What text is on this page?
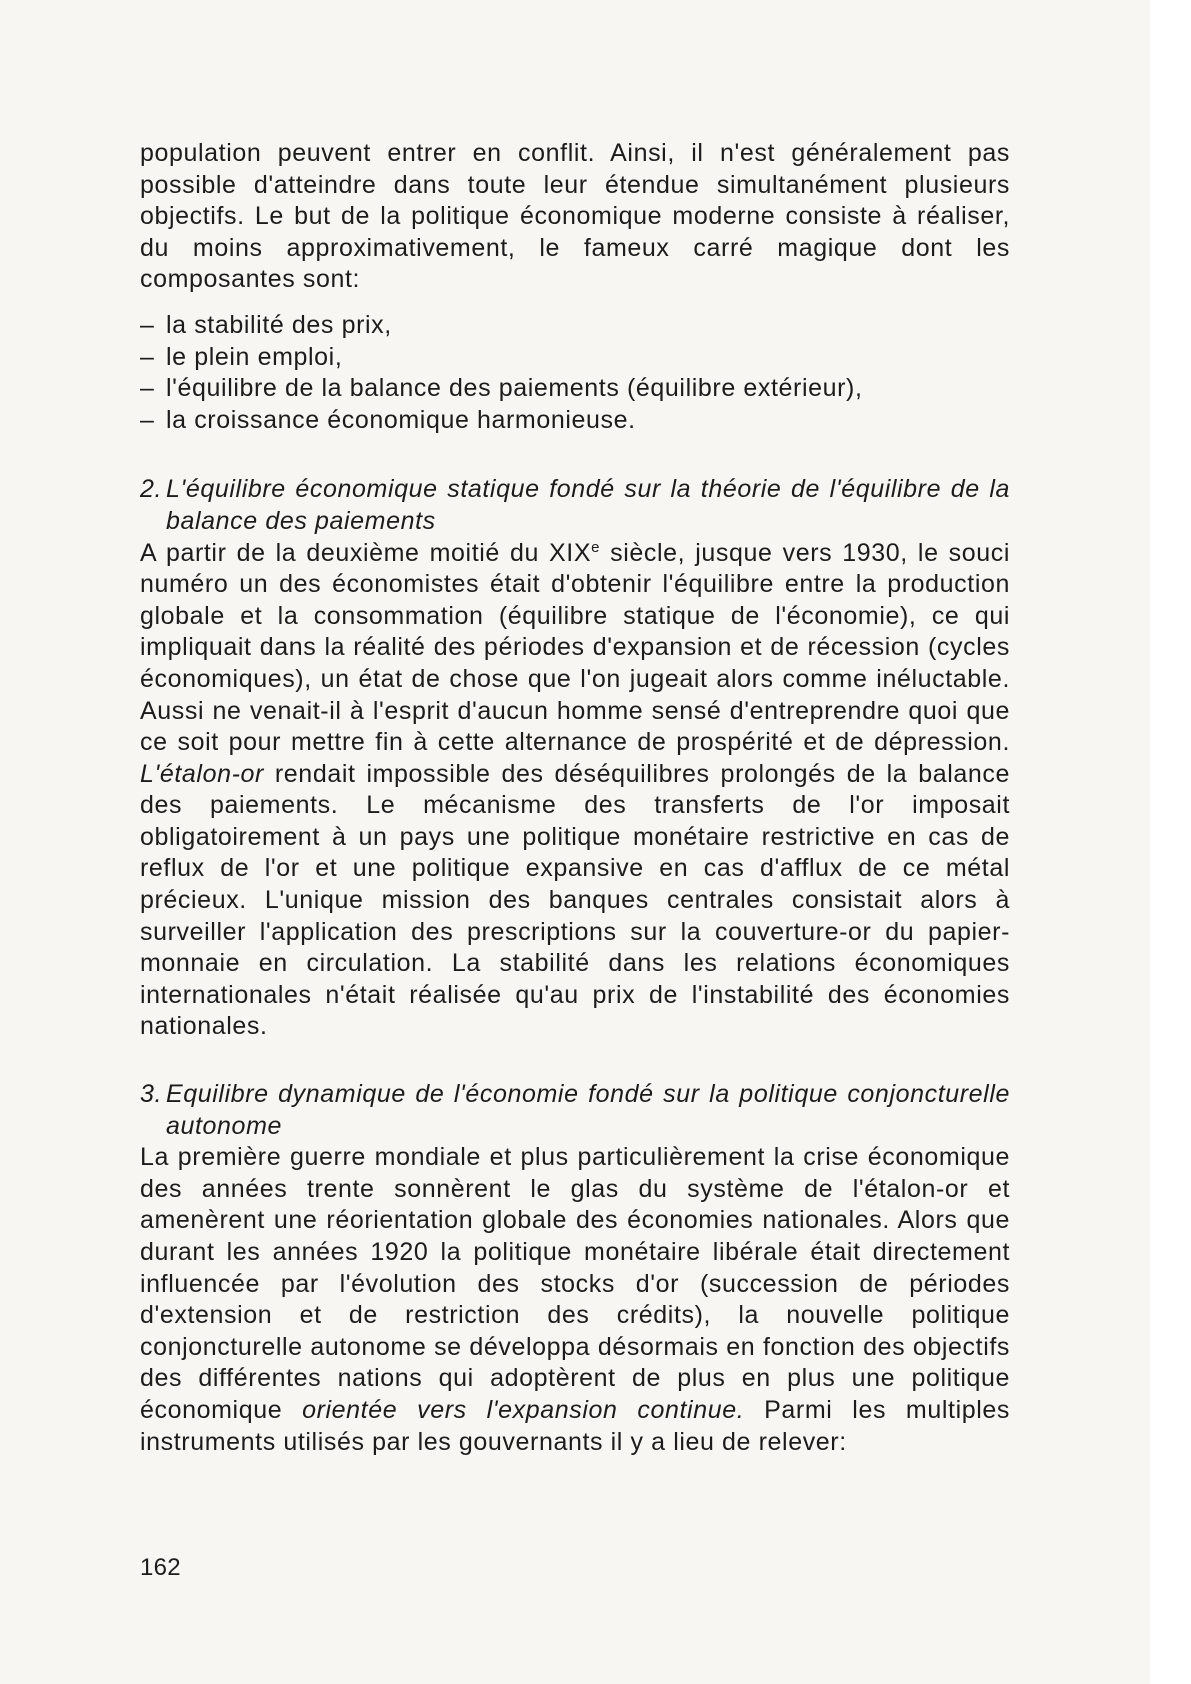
population peuvent entrer en conflit. Ainsi, il n'est généralement pas possible d'atteindre dans toute leur étendue simultanément plusieurs objectifs. Le but de la politique économique moderne consiste à réaliser, du moins approximativement, le fameux carré magique dont les composantes sont:

– la stabilité des prix,
– le plein emploi,
– l'équilibre de la balance des paiements (équilibre extérieur),
– la croissance économique harmonieuse.

2. L'équilibre économique statique fondé sur la théorie de l'équilibre de la balance des paiements

A partir de la deuxième moitié du XIXe siècle, jusque vers 1930, le souci numéro un des économistes était d'obtenir l'équilibre entre la production globale et la consommation (équilibre statique de l'économie), ce qui impliquait dans la réalité des périodes d'expansion et de récession (cycles économiques), un état de chose que l'on jugeait alors comme inéluctable. Aussi ne venait-il à l'esprit d'aucun homme sensé d'entreprendre quoi que ce soit pour mettre fin à cette alternance de prospérité et de dépression. L'étalon-or rendait impossible des déséquilibres prolongés de la balance des paiements. Le mécanisme des transferts de l'or imposait obligatoirement à un pays une politique monétaire restrictive en cas de reflux de l'or et une politique expansive en cas d'afflux de ce métal précieux. L'unique mission des banques centrales consistait alors à surveiller l'application des prescriptions sur la couverture-or du papier-monnaie en circulation. La stabilité dans les relations économiques internationales n'était réalisée qu'au prix de l'instabilité des économies nationales.

3. Equilibre dynamique de l'économie fondé sur la politique conjoncturelle autonome

La première guerre mondiale et plus particulièrement la crise économique des années trente sonnèrent le glas du système de l'étalon-or et amenèrent une réorientation globale des économies nationales. Alors que durant les années 1920 la politique monétaire libérale était directement influencée par l'évolution des stocks d'or (succession de périodes d'extension et de restriction des crédits), la nouvelle politique conjoncturelle autonome se développa désormais en fonction des objectifs des différentes nations qui adoptèrent de plus en plus une politique économique orientée vers l'expansion continue. Parmi les multiples instruments utilisés par les gouvernants il y a lieu de relever:

162
